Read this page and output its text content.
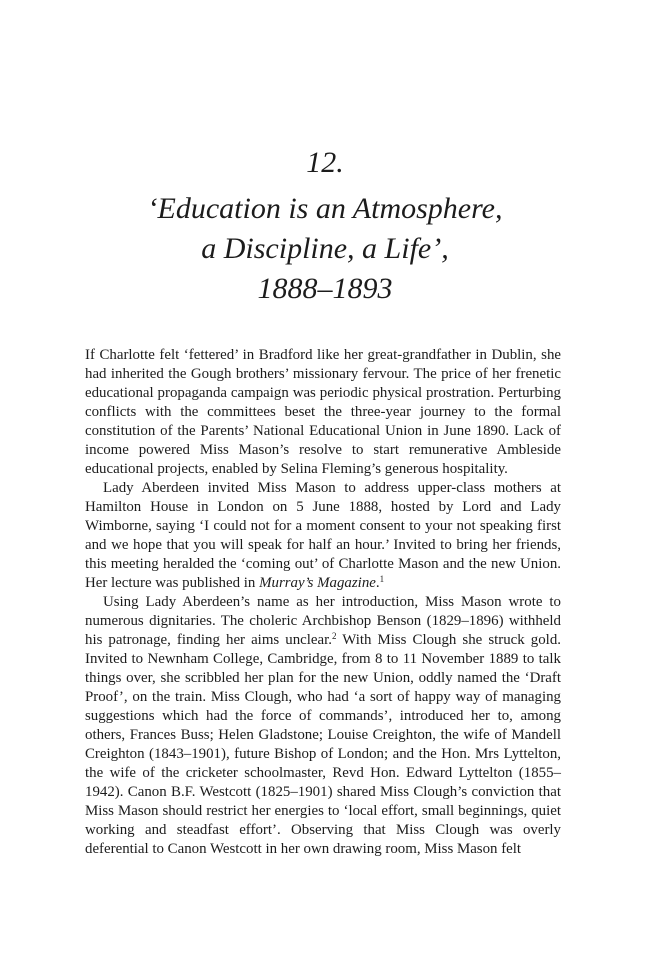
12.
‘Education is an Atmosphere,
a Discipline, a Life’,
1888–1893

If Charlotte felt ‘fettered’ in Bradford like her great-grandfather in Dublin, she had inherited the Gough brothers’ missionary fervour. The price of her frenetic educational propaganda campaign was periodic physical prostration. Perturbing conflicts with the committees beset the three-year journey to the formal constitution of the Parents’ National Educational Union in June 1890. Lack of income powered Miss Mason’s resolve to start remunerative Ambleside educational projects, enabled by Selina Fleming’s generous hospitality.

Lady Aberdeen invited Miss Mason to address upper-class mothers at Hamilton House in London on 5 June 1888, hosted by Lord and Lady Wimborne, saying ‘I could not for a moment consent to your not speaking first and we hope that you will speak for half an hour.’ Invited to bring her friends, this meeting heralded the ‘coming out’ of Charlotte Mason and the new Union. Her lecture was published in Murray’s Magazine.$^1$

Using Lady Aberdeen’s name as her introduction, Miss Mason wrote to numerous dignitaries. The choleric Archbishop Benson (1829–1896) withheld his patronage, finding her aims unclear.$^2$ With Miss Clough she struck gold. Invited to Newnham College, Cambridge, from 8 to 11 November 1889 to talk things over, she scribbled her plan for the new Union, oddly named the ‘Draft Proof’, on the train. Miss Clough, who had ‘a sort of happy way of managing suggestions which had the force of commands’, introduced her to, among others, Frances Buss; Helen Gladstone; Louise Creighton, the wife of Mandell Creighton (1843–1901), future Bishop of London; and the Hon. Mrs Lyttelton, the wife of the cricketer schoolmaster, Revd Hon. Edward Lyttelton (1855–1942). Canon B.F. Westcott (1825–1901) shared Miss Clough’s conviction that Miss Mason should restrict her energies to ‘local effort, small beginnings, quiet working and steadfast effort’. Observing that Miss Clough was overly deferential to Canon Westcott in her own drawing room, Miss Mason felt
